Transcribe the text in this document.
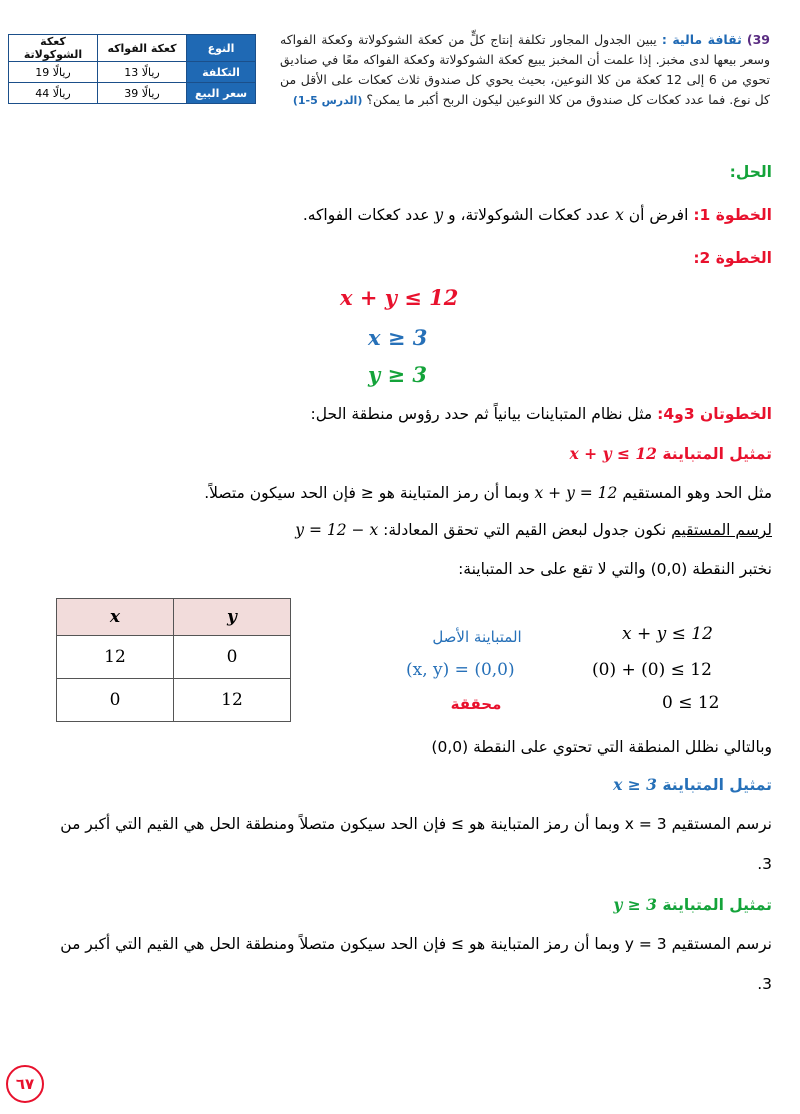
كعكة الشوكولاتة	كعكة الفواكه	النوع
19 ريالًا	13 ريالًا	التكلفة
44 ريالًا	39 ريالًا	سعر البيع
39) ثقافة مالية : يبين الجدول المجاور تكلفة إنتاج كلٍّ من كعكة الشوكولاتة وكعكة الفواكه وسعر بيعها لدى مخبز. إذا علمت أن المخبز يبيع كعكة الشوكولاتة وكعكة الفواكه معًا في صناديق تحوي من 6 إلى 12 كعكة من كلا النوعين، بحيث يحوي كل صندوق ثلاث كعكات على الأقل من كل نوع. فما عدد كعكات كل صندوق من كلا النوعين ليكون الربح أكبر ما يمكن؟ (الدرس 5-1)
الحل:
الخطوة 1: افرض أن x عدد كعكات الشوكولاتة، و y عدد كعكات الفواكه.
الخطوة 2:
x + y ≤ 12
x ≥ 3
y ≥ 3
الخطوتان 3و4: مثل نظام المتباينات بيانياً ثم حدد رؤوس منطقة الحل:
تمثيل المتباينة x + y ≤ 12
مثل الحد وهو المستقيم x + y = 12 وبما أن رمز المتباينة هو ≤ فإن الحد سيكون متصلاً.
لرسم المستقيم نكون جدول لبعض القيم التي تحقق المعادلة: y = 12 − x
نختبر النقطة (0,0) والتي لا تقع على حد المتباينة:
x	y
12	0
0	12
المتباينة الأصل	x + y ≤ 12
(x, y) = (0,0)	(0) + (0) ≤ 12
محققة	0 ≤ 12
وبالتالي نظلل المنطقة التي تحتوي على النقطة (0,0)
تمثيل المتباينة x ≥ 3
نرسم المستقيم x = 3 وبما أن رمز المتباينة هو ≥ فإن الحد سيكون متصلاً ومنطقة الحل هي القيم التي أكبر من
.3
تمثيل المتباينة y ≥ 3
نرسم المستقيم y = 3 وبما أن رمز المتباينة هو ≥ فإن الحد سيكون متصلاً ومنطقة الحل هي القيم التي أكبر من
.3
٦٧
